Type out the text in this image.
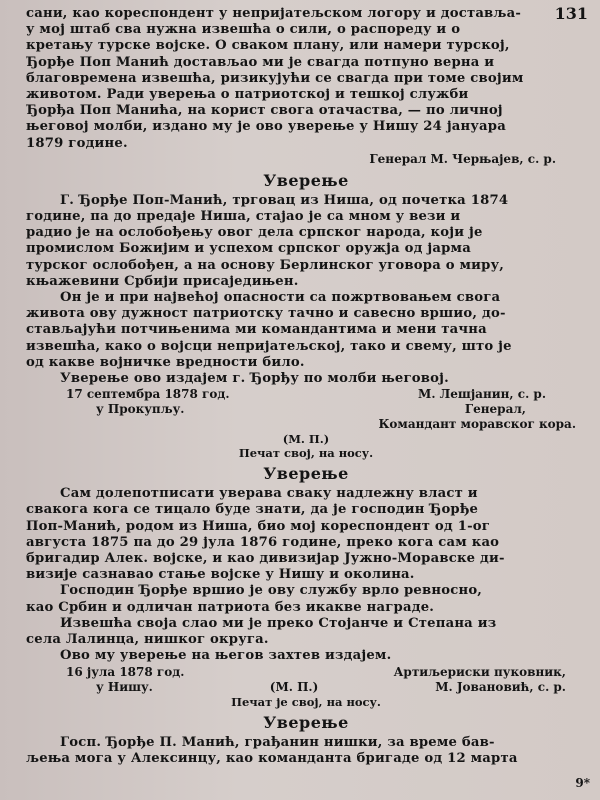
131
сани, као кореспондент у непријатељском логору и доставља-
у мој штаб сва нужна извешћа о сили, о распореду и о
кретању турске војске. О сваком плану, или намери турској,
Ђорђе Поп Манић достављао ми је свагда потпуно верна и
благовремена извешћа, ризикујући се свагда при томе својим
животом. Ради уверења о патриотској и тешкој служби
Ђорђа Поп Манића, на корист свога отачаства, — по личној
његовој молби, издано му је ово уверење у Нишу 24 јануара
1879 године.
Генерал М. Черњајев, с. р.
Уверење
Г. Ђорђе Поп-Манић, трговац из Ниша, од почетка 1874
године, па до предаје Ниша, стајао је са мном у вези и
радио је на ослобођењу овог дела српског народа, који је
промислом Божијим и успехом српског оружја од јарма
турског ослобођен, а на основу Берлинског уговора о миру,
књажевини Србији присаједињен.
Он је и при највећој опасности са пожртвовањем свога
живота ову дужност патриотску тачно и савесно вршио, до-
стављајући потчињенима ми командантима и мени тачна
извешћа, како о војсци непријатељској, тако и свему, што је
од какве војничке вредности било.
Уверење ово издајем г. Ђорђу по молби његовој.
17 септембра 1878 год.	М. Лешјанин, с. р.
у Прокупљу.	Генерал,
Командант моравског кора.
(М. П.)
Печат свој, на носу.
Уверење
Сам долепотписати уверава сваку надлежну власт и
свакога кога се тицало буде знати, да је господин Ђорђе
Поп-Манић, родом из Ниша, био мој кореспондент од 1-ог
августа 1875 па до 29 јула 1876 године, преко кога сам као
бригадир Алек. војске, и као дивизијар Јужно-Моравске ди-
визије сазнавао стање војске у Нишу и околина.
Господин Ђорђе вршио је ову службу врло ревносно,
као Србин и одличан патриота без икакве награде.
Извешћа своја слао ми је преко Стојанче и Степана из
села Лалинца, нишког округа.
Ово му уверење на његов захтев издајем.
16 јула 1878 год.	Артиљериски пуковник,
у Нишу.	(М. П.)	М. Јовановић, с. р.
Печат је свој, на носу.
Уверење
Госп. Ђорђе П. Манић, грађанин нишки, за време бав-
љења мога у Алексинцу, као команданта бригаде од 12 марта
9*
